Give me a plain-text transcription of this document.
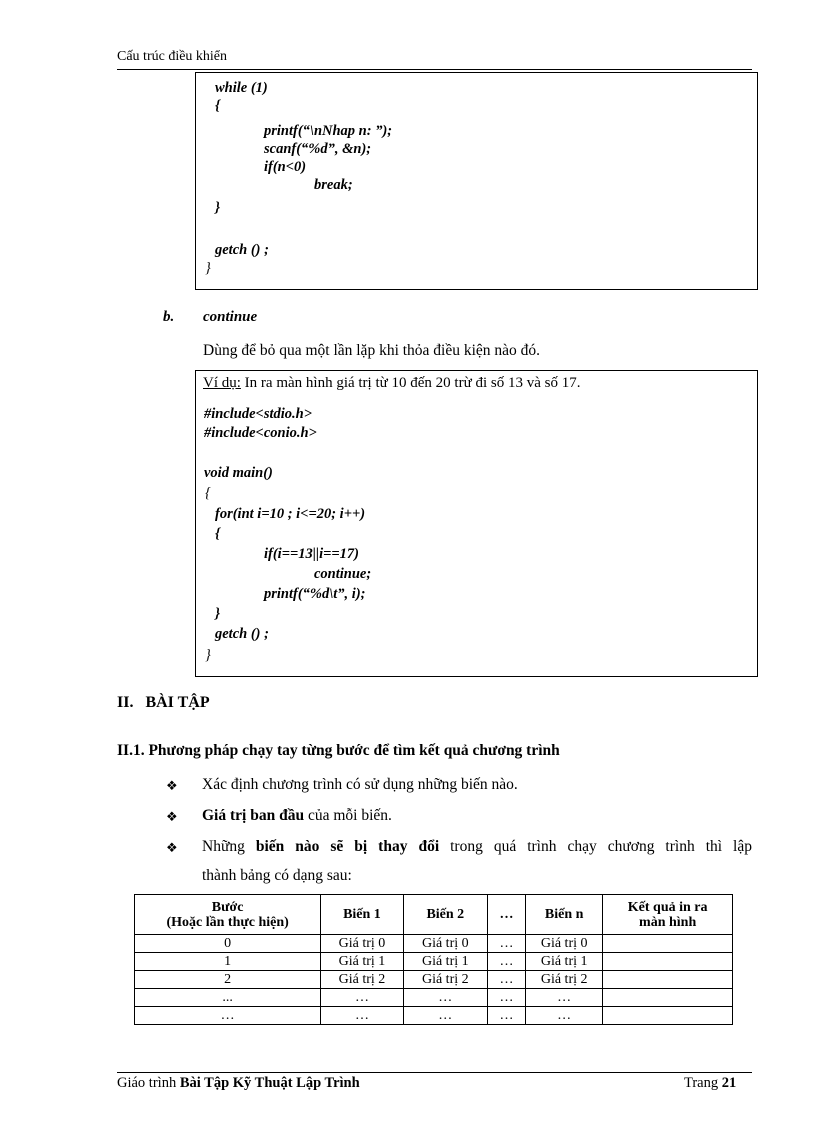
Cấu trúc điều khiển
while (1)
{
printf(“\nNhap n: ”);
scanf(“%d”, &n);
if(n<0)
break;
}
getch () ;
}
b. continue
Dùng để bỏ qua một lần lặp khi thỏa điều kiện nào đó.
Ví dụ: In ra màn hình giá trị từ 10 đến 20 trừ đi số 13 và số 17.
#include<stdio.h>
#include<conio.h>
void main()
{
for(int i=10 ; i<=20; i++)
{
if(i==13||i==17)
continue;
printf(“%d\t”, i);
}
getch () ;
}
II.   BÀI TẬP
II.1. Phương pháp chạy tay từng bước để tìm kết quả chương trình
❖ Xác định chương trình có sử dụng những biến nào.
❖ Giá trị ban đầu của mỗi biến.
❖ Những biến nào sẽ bị thay đổi trong quá trình chạy chương trình thì lập
thành bảng có dạng sau:
Bước
(Hoặc lần thực hiện)	Biến 1	Biến 2	…	Biến n	Kết quả in ra
màn hình
0	Giá trị 0	Giá trị 0	…	Giá trị 0	
1	Giá trị 1	Giá trị 1	…	Giá trị 1	
2	Giá trị 2	Giá trị 2	…	Giá trị 2	
...	…	…	…	…	
…	…	…	…	…	
Giáo trình Bài Tập Kỹ Thuật Lập Trình	Trang 21
